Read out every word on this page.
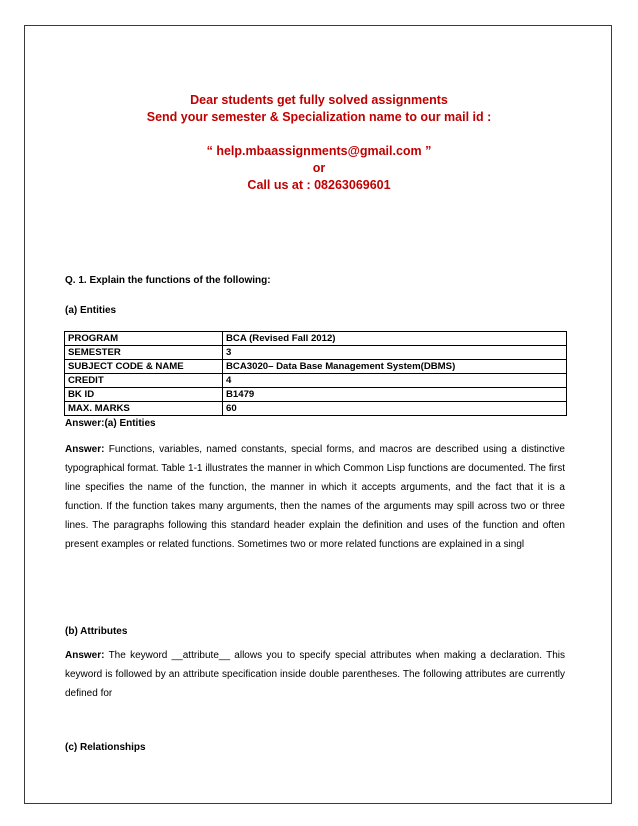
Dear students get fully solved assignments
Send your semester & Specialization name to our mail id :
“ help.mbaassignments@gmail.com ”
or
Call us at : 08263069601
Q. 1. Explain the functions of the following:
(a) Entities
PROGRAM	BCA (Revised Fall 2012)
SEMESTER	3
SUBJECT CODE & NAME	BCA3020– Data Base Management System(DBMS)
CREDIT	4
BK ID	B1479
MAX. MARKS	60
Answer:(a) Entities

Answer: Functions, variables, named constants, special forms, and macros are described using a distinctive typographical format. Table 1-1 illustrates the manner in which Common Lisp functions are documented. The first line specifies the name of the function, the manner in which it accepts arguments, and the fact that it is a function. If the function takes many arguments, then the names of the arguments may spill across two or three lines. The paragraphs following this standard header explain the definition and uses of the function and often present examples or related functions. Sometimes two or more related functions are explained in a singl

(b) Attributes

Answer: The keyword __attribute__ allows you to specify special attributes when making a declaration. This keyword is followed by an attribute specification inside double parentheses. The following attributes are currently defined for

(c) Relationships
